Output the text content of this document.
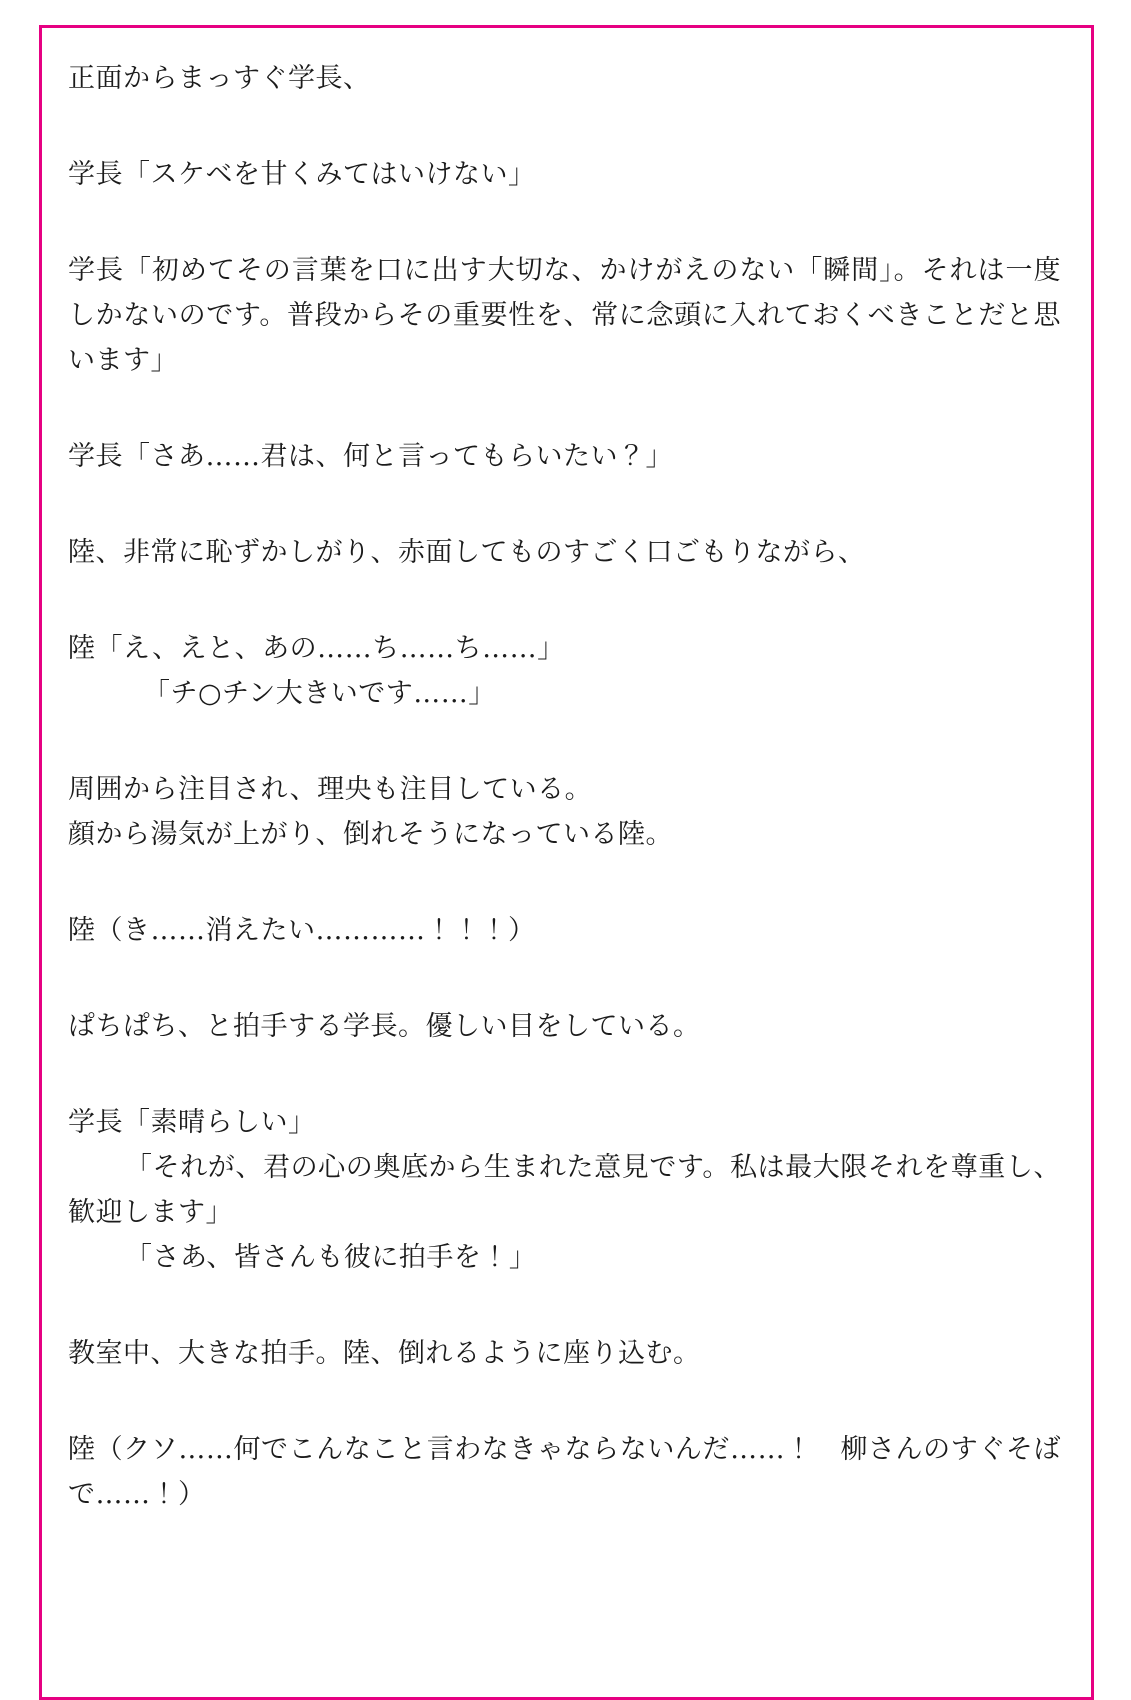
正面からまっすぐ学長、
学長「スケベを甘くみてはいけない」
学長「初めてその言葉を口に出す大切な、かけがえのない「瞬間」。それは一度しかないのです。普段からその重要性を、常に念頭に入れておくべきことだと思います」
学長「さあ……君は、何と言ってもらいたい？」
陸、非常に恥ずかしがり、赤面してものすごく口ごもりながら、
陸「え、えと、あの……ち……ち……」
「チ○チン大きいです……」
周囲から注目され、理央も注目している。
顔から湯気が上がり、倒れそうになっている陸。
陸（き……消えたい…………！！！）
ぱちぱち、と拍手する学長。優しい目をしている。
学長「素晴らしい」
「それが、君の心の奥底から生まれた意見です。私は最大限それを尊重し、歓迎します」
「さあ、皆さんも彼に拍手を！」
教室中、大きな拍手。陸、倒れるように座り込む。
陸（クソ……何でこんなこと言わなきゃならないんだ……！　柳さんのすぐそばで……！）
